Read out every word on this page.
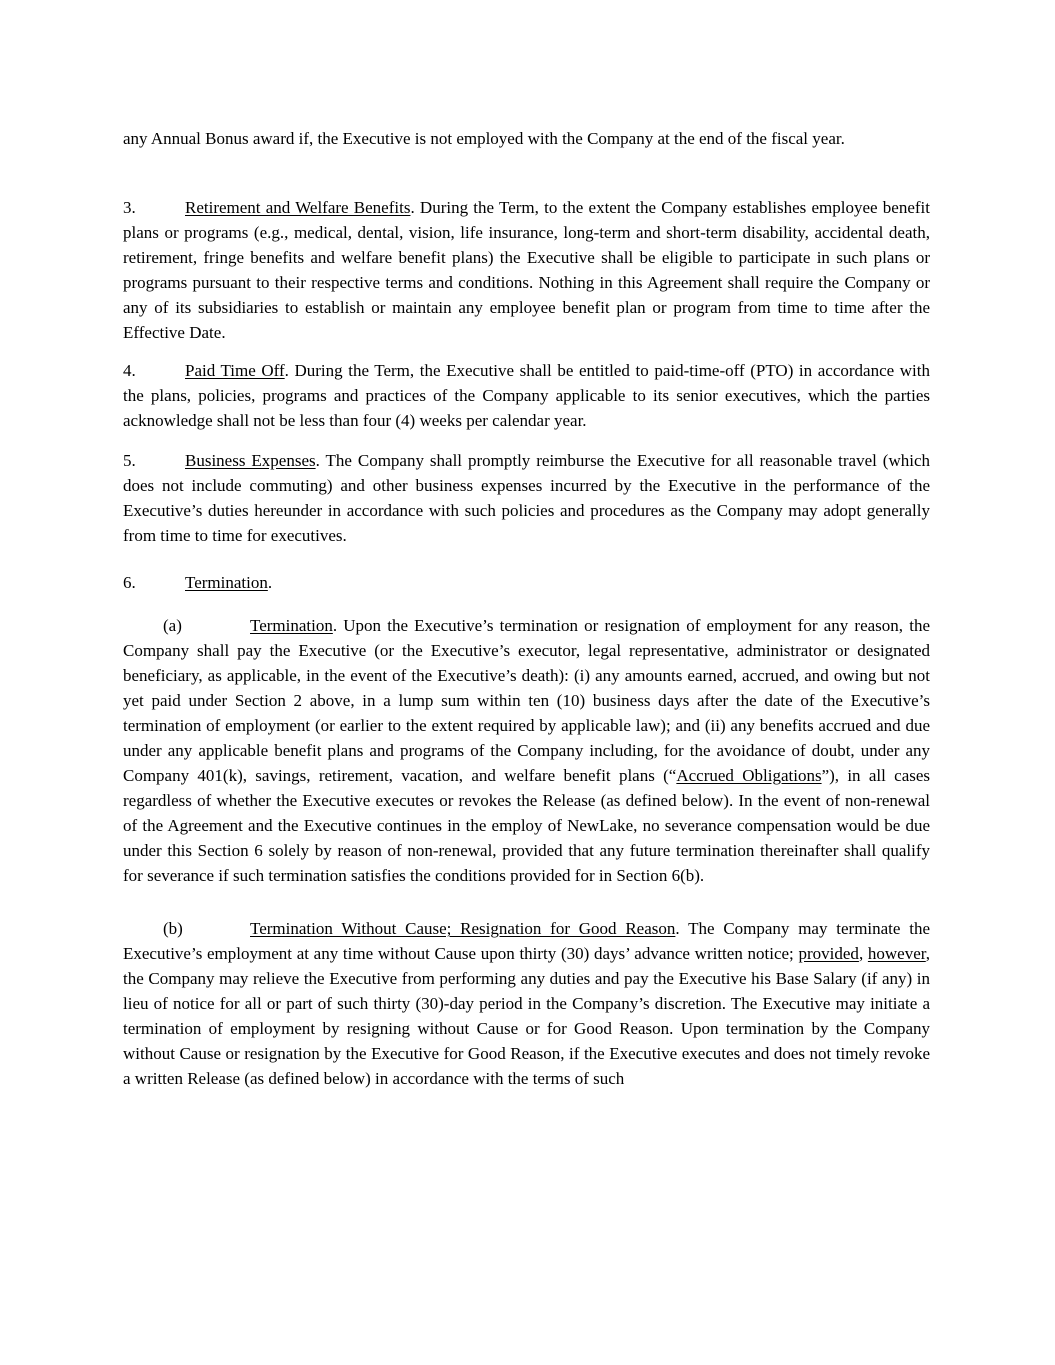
any Annual Bonus award if, the Executive is not employed with the Company at the end of the fiscal year.

3.	Retirement and Welfare Benefits. During the Term, to the extent the Company establishes employee benefit plans or programs (e.g., medical, dental, vision, life insurance, long-term and short-term disability, accidental death, retirement, fringe benefits and welfare benefit plans) the Executive shall be eligible to participate in such plans or programs pursuant to their respective terms and conditions. Nothing in this Agreement shall require the Company or any of its subsidiaries to establish or maintain any employee benefit plan or program from time to time after the Effective Date.

4.	Paid Time Off. During the Term, the Executive shall be entitled to paid-time-off (PTO) in accordance with the plans, policies, programs and practices of the Company applicable to its senior executives, which the parties acknowledge shall not be less than four (4) weeks per calendar year.

5.	Business Expenses. The Company shall promptly reimburse the Executive for all reasonable travel (which does not include commuting) and other business expenses incurred by the Executive in the performance of the Executive’s duties hereunder in accordance with such policies and procedures as the Company may adopt generally from time to time for executives.

6.	Termination.

(a)	Termination. Upon the Executive’s termination or resignation of employment for any reason, the Company shall pay the Executive (or the Executive’s executor, legal representative, administrator or designated beneficiary, as applicable, in the event of the Executive’s death): (i) any amounts earned, accrued, and owing but not yet paid under Section 2 above, in a lump sum within ten (10) business days after the date of the Executive’s termination of employment (or earlier to the extent required by applicable law); and (ii) any benefits accrued and due under any applicable benefit plans and programs of the Company including, for the avoidance of doubt, under any Company 401(k), savings, retirement, vacation, and welfare benefit plans (“Accrued Obligations”), in all cases regardless of whether the Executive executes or revokes the Release (as defined below). In the event of non-renewal of the Agreement and the Executive continues in the employ of NewLake, no severance compensation would be due under this Section 6 solely by reason of non-renewal, provided that any future termination thereinafter shall qualify for severance if such termination satisfies the conditions provided for in Section 6(b).

(b)	Termination Without Cause; Resignation for Good Reason. The Company may terminate the Executive’s employment at any time without Cause upon thirty (30) days’ advance written notice; provided, however, the Company may relieve the Executive from performing any duties and pay the Executive his Base Salary (if any) in lieu of notice for all or part of such thirty (30)-day period in the Company’s discretion. The Executive may initiate a termination of employment by resigning without Cause or for Good Reason. Upon termination by the Company without Cause or resignation by the Executive for Good Reason, if the Executive executes and does not timely revoke a written Release (as defined below) in accordance with the terms of such
